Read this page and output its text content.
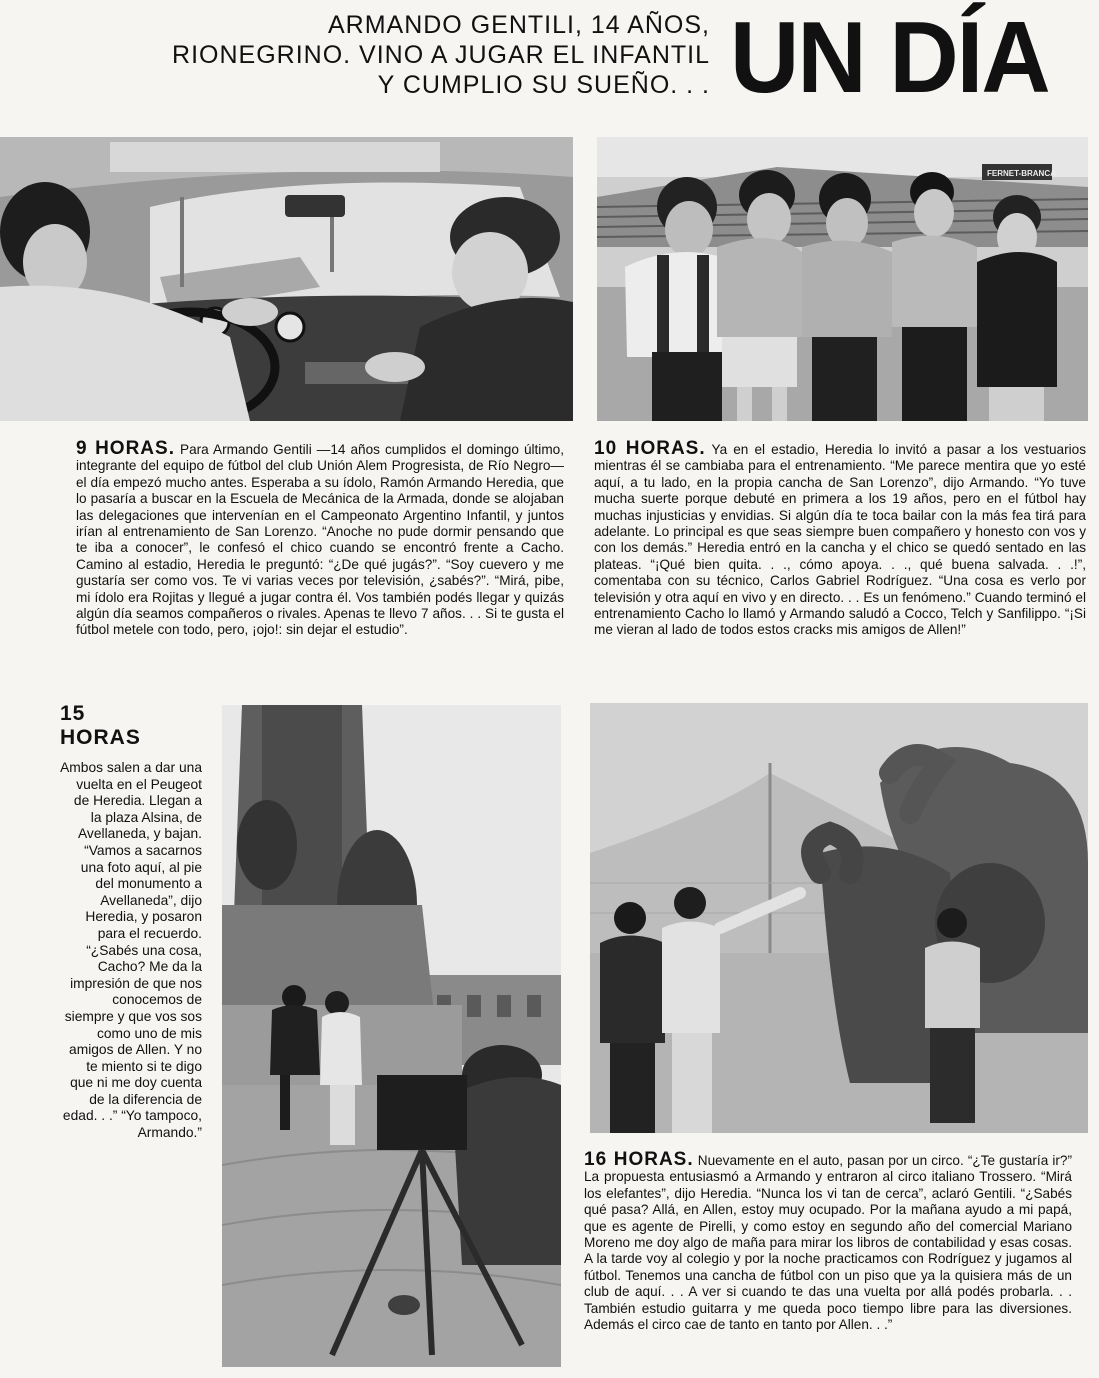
ARMANDO GENTILI, 14 AÑOS,
RIONEGRINO. VINO A JUGAR EL INFANTIL
Y CUMPLIO SU SUEÑO. . . UN DÍA
FERNET-BRANCA
9 HORAS. Para Armando Gentili —14 años cumplidos el domingo último, integrante del equipo de fútbol del club Unión Alem Progresista, de Río Negro— el día empezó mucho antes. Esperaba a su ídolo, Ramón Armando Heredia, que lo pasaría a buscar en la Escuela de Mecánica de la Armada, donde se alojaban las delegaciones que intervenían en el Campeonato Argentino Infantil, y juntos irían al entrenamiento de San Lorenzo. “Anoche no pude dormir pensando que te iba a conocer”, le confesó el chico cuando se encontró frente a Cacho. Camino al estadio, Heredia le preguntó: “¿De qué jugás?”. “Soy cuevero y me gustaría ser como vos. Te vi varias veces por televisión, ¿sabés?”. “Mirá, pibe, mi ídolo era Rojitas y llegué a jugar contra él. Vos también podés llegar y quizás algún día seamos compañeros o rivales. Apenas te llevo 7 años. . . Si te gusta el fútbol metele con todo, pero, ¡ojo!: sin dejar el estudio”.
10 HORAS. Ya en el estadio, Heredia lo invitó a pasar a los vestuarios mientras él se cambiaba para el entrenamiento. “Me parece mentira que yo esté aquí, a tu lado, en la propia cancha de San Lorenzo”, dijo Armando. “Yo tuve mucha suerte porque debuté en primera a los 19 años, pero en el fútbol hay muchas injusticias y envidias. Si algún día te toca bailar con la más fea tirá para adelante. Lo principal es que seas siempre buen compañero y honesto con vos y con los demás.” Heredia entró en la cancha y el chico se quedó sentado en las plateas. “¡Qué bien quita. . ., cómo apoya. . ., qué buena salvada. . .!”, comentaba con su técnico, Carlos Gabriel Rodríguez. “Una cosa es verlo por televisión y otra aquí en vivo y en directo. . . Es un fenómeno.” Cuando terminó el entrenamiento Cacho lo llamó y Armando saludó a Cocco, Telch y Sanfilippo. “¡Si me vieran al lado de todos estos cracks mis amigos de Allen!”
15
HORAS
Ambos salen a dar una vuelta en el Peugeot de Heredia. Llegan a la plaza Alsina, de Avellaneda, y bajan. “Vamos a sacarnos una foto aquí, al pie del monumento a Avellaneda”, dijo Heredia, y posaron para el recuerdo. “¿Sabés una cosa, Cacho? Me da la impresión de que nos conocemos de siempre y que vos sos como uno de mis amigos de Allen. Y no te miento si te digo que ni me doy cuenta de la diferencia de edad. . .” “Yo tampoco, Armando.”
16 HORAS. Nuevamente en el auto, pasan por un circo. “¿Te gustaría ir?” La propuesta entusiasmó a Armando y entraron al circo italiano Trossero. “Mirá los elefantes”, dijo Heredia. “Nunca los vi tan de cerca”, aclaró Gentili. “¿Sabés qué pasa? Allá, en Allen, estoy muy ocupado. Por la mañana ayudo a mi papá, que es agente de Pirelli, y como estoy en segundo año del comercial Mariano Moreno me doy algo de maña para mirar los libros de contabilidad y esas cosas. A la tarde voy al colegio y por la noche practicamos con Rodríguez y jugamos al fútbol. Tenemos una cancha de fútbol con un piso que ya la quisiera más de un club de aquí. . . A ver si cuando te das una vuelta por allá podés probarla. . . También estudio guitarra y me queda poco tiempo libre para las diversiones. Además el circo cae de tanto en tanto por Allen. . .”
